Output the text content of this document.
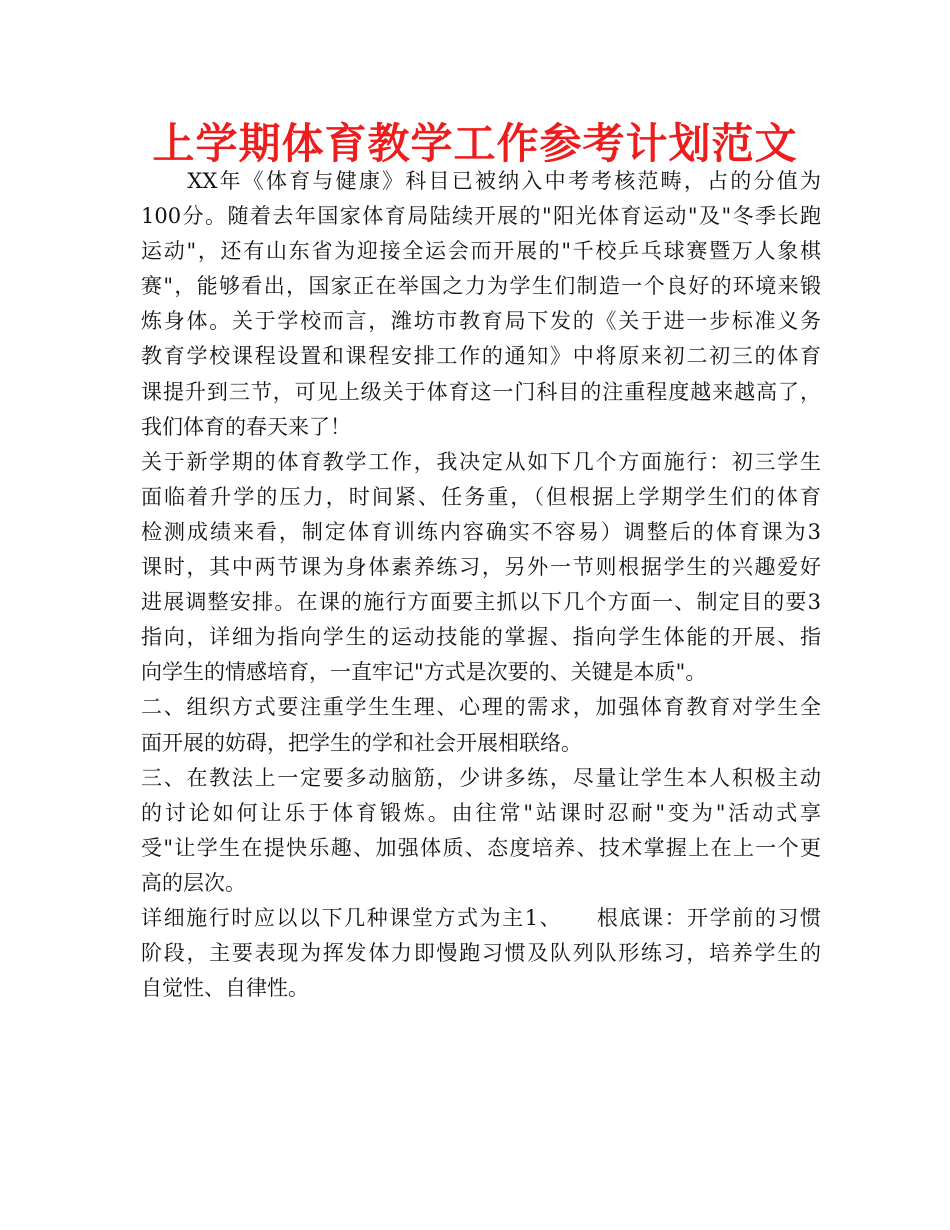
上学期体育教学工作参考计划范文
　　XX年《体育与健康》科目已被纳入中考考核范畴，占的分值为
100分。随着去年国家体育局陆续开展的"阳光体育运动"及"冬季长跑
运动"，还有山东省为迎接全运会而开展的"千校乒乓球赛暨万人象棋
赛"，能够看出，国家正在举国之力为学生们制造一个良好的环境来锻
炼身体。关于学校而言，潍坊市教育局下发的《关于进一步标准义务
教育学校课程设置和课程安排工作的通知》中将原来初二初三的体育
课提升到三节，可见上级关于体育这一门科目的注重程度越来越高了，
我们体育的春天来了！
关于新学期的体育教学工作，我决定从如下几个方面施行：初三学生
面临着升学的压力，时间紧、任务重，（但根据上学期学生们的体育
检测成绩来看，制定体育训练内容确实不容易）调整后的体育课为3
课时，其中两节课为身体素养练习，另外一节则根据学生的兴趣爱好
进展调整安排。在课的施行方面要主抓以下几个方面一、制定目的要3
指向，详细为指向学生的运动技能的掌握、指向学生体能的开展、指
向学生的情感培育，一直牢记"方式是次要的、关键是本质"。
二、组织方式要注重学生生理、心理的需求，加强体育教育对学生全
面开展的妨碍，把学生的学和社会开展相联络。
三、在教法上一定要多动脑筋，少讲多练，尽量让学生本人积极主动
的讨论如何让乐于体育锻炼。由往常"站课时忍耐"变为"活动式享
受"让学生在提快乐趣、加强体质、态度培养、技术掌握上在上一个更
高的层次。
详细施行时应以以下几种课堂方式为主1、　　根底课：开学前的习惯
阶段，主要表现为挥发体力即慢跑习惯及队列队形练习，培养学生的
自觉性、自律性。
